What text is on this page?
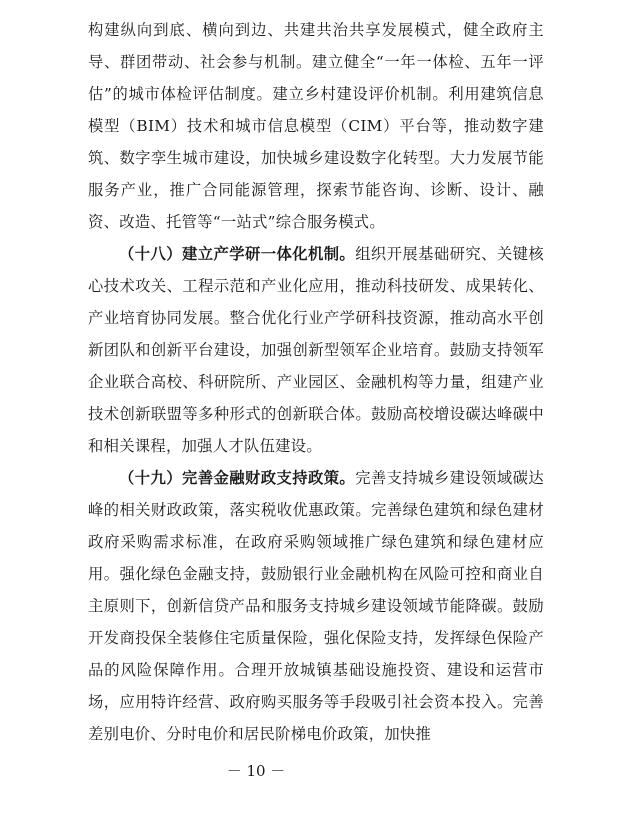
构建纵向到底、横向到边、共建共治共享发展模式，健全政府主导、群团带动、社会参与机制。建立健全“一年一体检、五年一评估”的城市体检评估制度。建立乡村建设评价机制。利用建筑信息模型（BIM）技术和城市信息模型（CIM）平台等，推动数字建筑、数字孪生城市建设，加快城乡建设数字化转型。大力发展节能服务产业，推广合同能源管理，探索节能咨询、诊断、设计、融资、改造、托管等“一站式”综合服务模式。

（十八）建立产学研一体化机制。组织开展基础研究、关键核心技术攻关、工程示范和产业化应用，推动科技研发、成果转化、产业培育协同发展。整合优化行业产学研科技资源，推动高水平创新团队和创新平台建设，加强创新型领军企业培育。鼓励支持领军企业联合高校、科研院所、产业园区、金融机构等力量，组建产业技术创新联盟等多种形式的创新联合体。鼓励高校增设碳达峰碳中和相关课程，加强人才队伍建设。

（十九）完善金融财政支持政策。完善支持城乡建设领域碳达峰的相关财政政策，落实税收优惠政策。完善绿色建筑和绿色建材政府采购需求标准，在政府采购领域推广绿色建筑和绿色建材应用。强化绿色金融支持，鼓励银行业金融机构在风险可控和商业自主原则下，创新信贷产品和服务支持城乡建设领域节能降碳。鼓励开发商投保全装修住宅质量保险，强化保险支持，发挥绿色保险产品的风险保障作用。合理开放城镇基础设施投资、建设和运营市场，应用特许经营、政府购买服务等手段吸引社会资本投入。完善差别电价、分时电价和居民阶梯电价政策，加快推

－ 10 －
